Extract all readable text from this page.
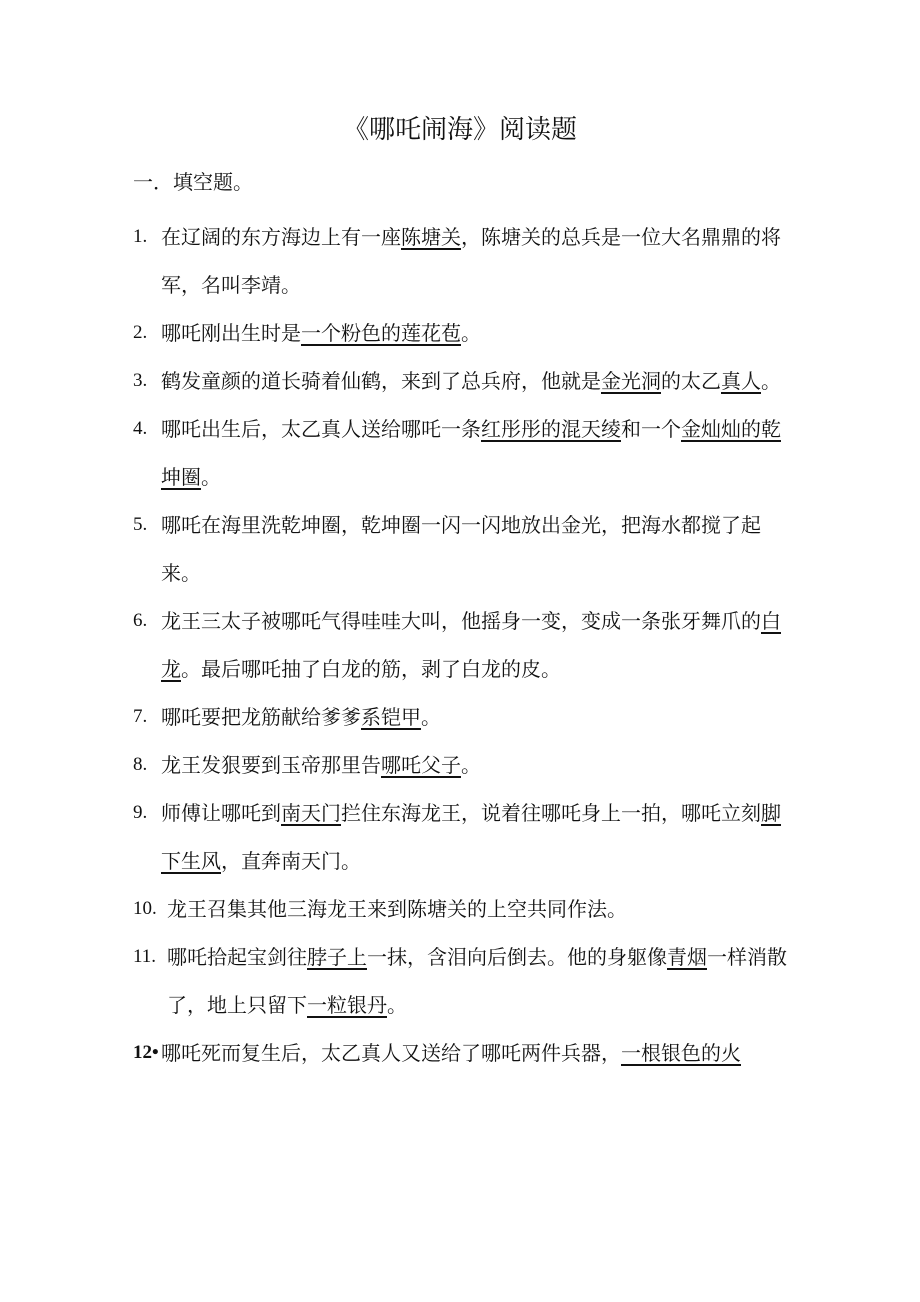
《哪吒闹海》阅读题
一．填空题。
1. 在辽阔的东方海边上有一座陈塘关，陈塘关的总兵是一位大名鼎鼎的将军，名叫李靖。
2. 哪吒刚出生时是一个粉色的莲花苞。
3. 鹤发童颜的道长骑着仙鹤，来到了总兵府，他就是金光洞的太乙真人。
4. 哪吒出生后，太乙真人送给哪吒一条红彤彤的混天绫和一个金灿灿的乾坤圈。
5. 哪吒在海里洗乾坤圈，乾坤圈一闪一闪地放出金光，把海水都搅了起来。
6. 龙王三太子被哪吒气得哇哇大叫，他摇身一变，变成一条张牙舞爪的白龙。最后哪吒抽了白龙的筋，剥了白龙的皮。
7. 哪吒要把龙筋献给爹爹系铠甲。
8. 龙王发狠要到玉帝那里告哪吒父子。
9. 师傅让哪吒到南天门拦住东海龙王，说着往哪吒身上一拍，哪吒立刻脚下生风，直奔南天门。
10. 龙王召集其他三海龙王来到陈塘关的上空共同作法。
11. 哪吒拾起宝剑往脖子上一抹，含泪向后倒去。他的身躯像青烟一样消散了，地上只留下一粒银丹。
12• 哪吒死而复生后，太乙真人又送给了哪吒两件兵器，一根银色的火
